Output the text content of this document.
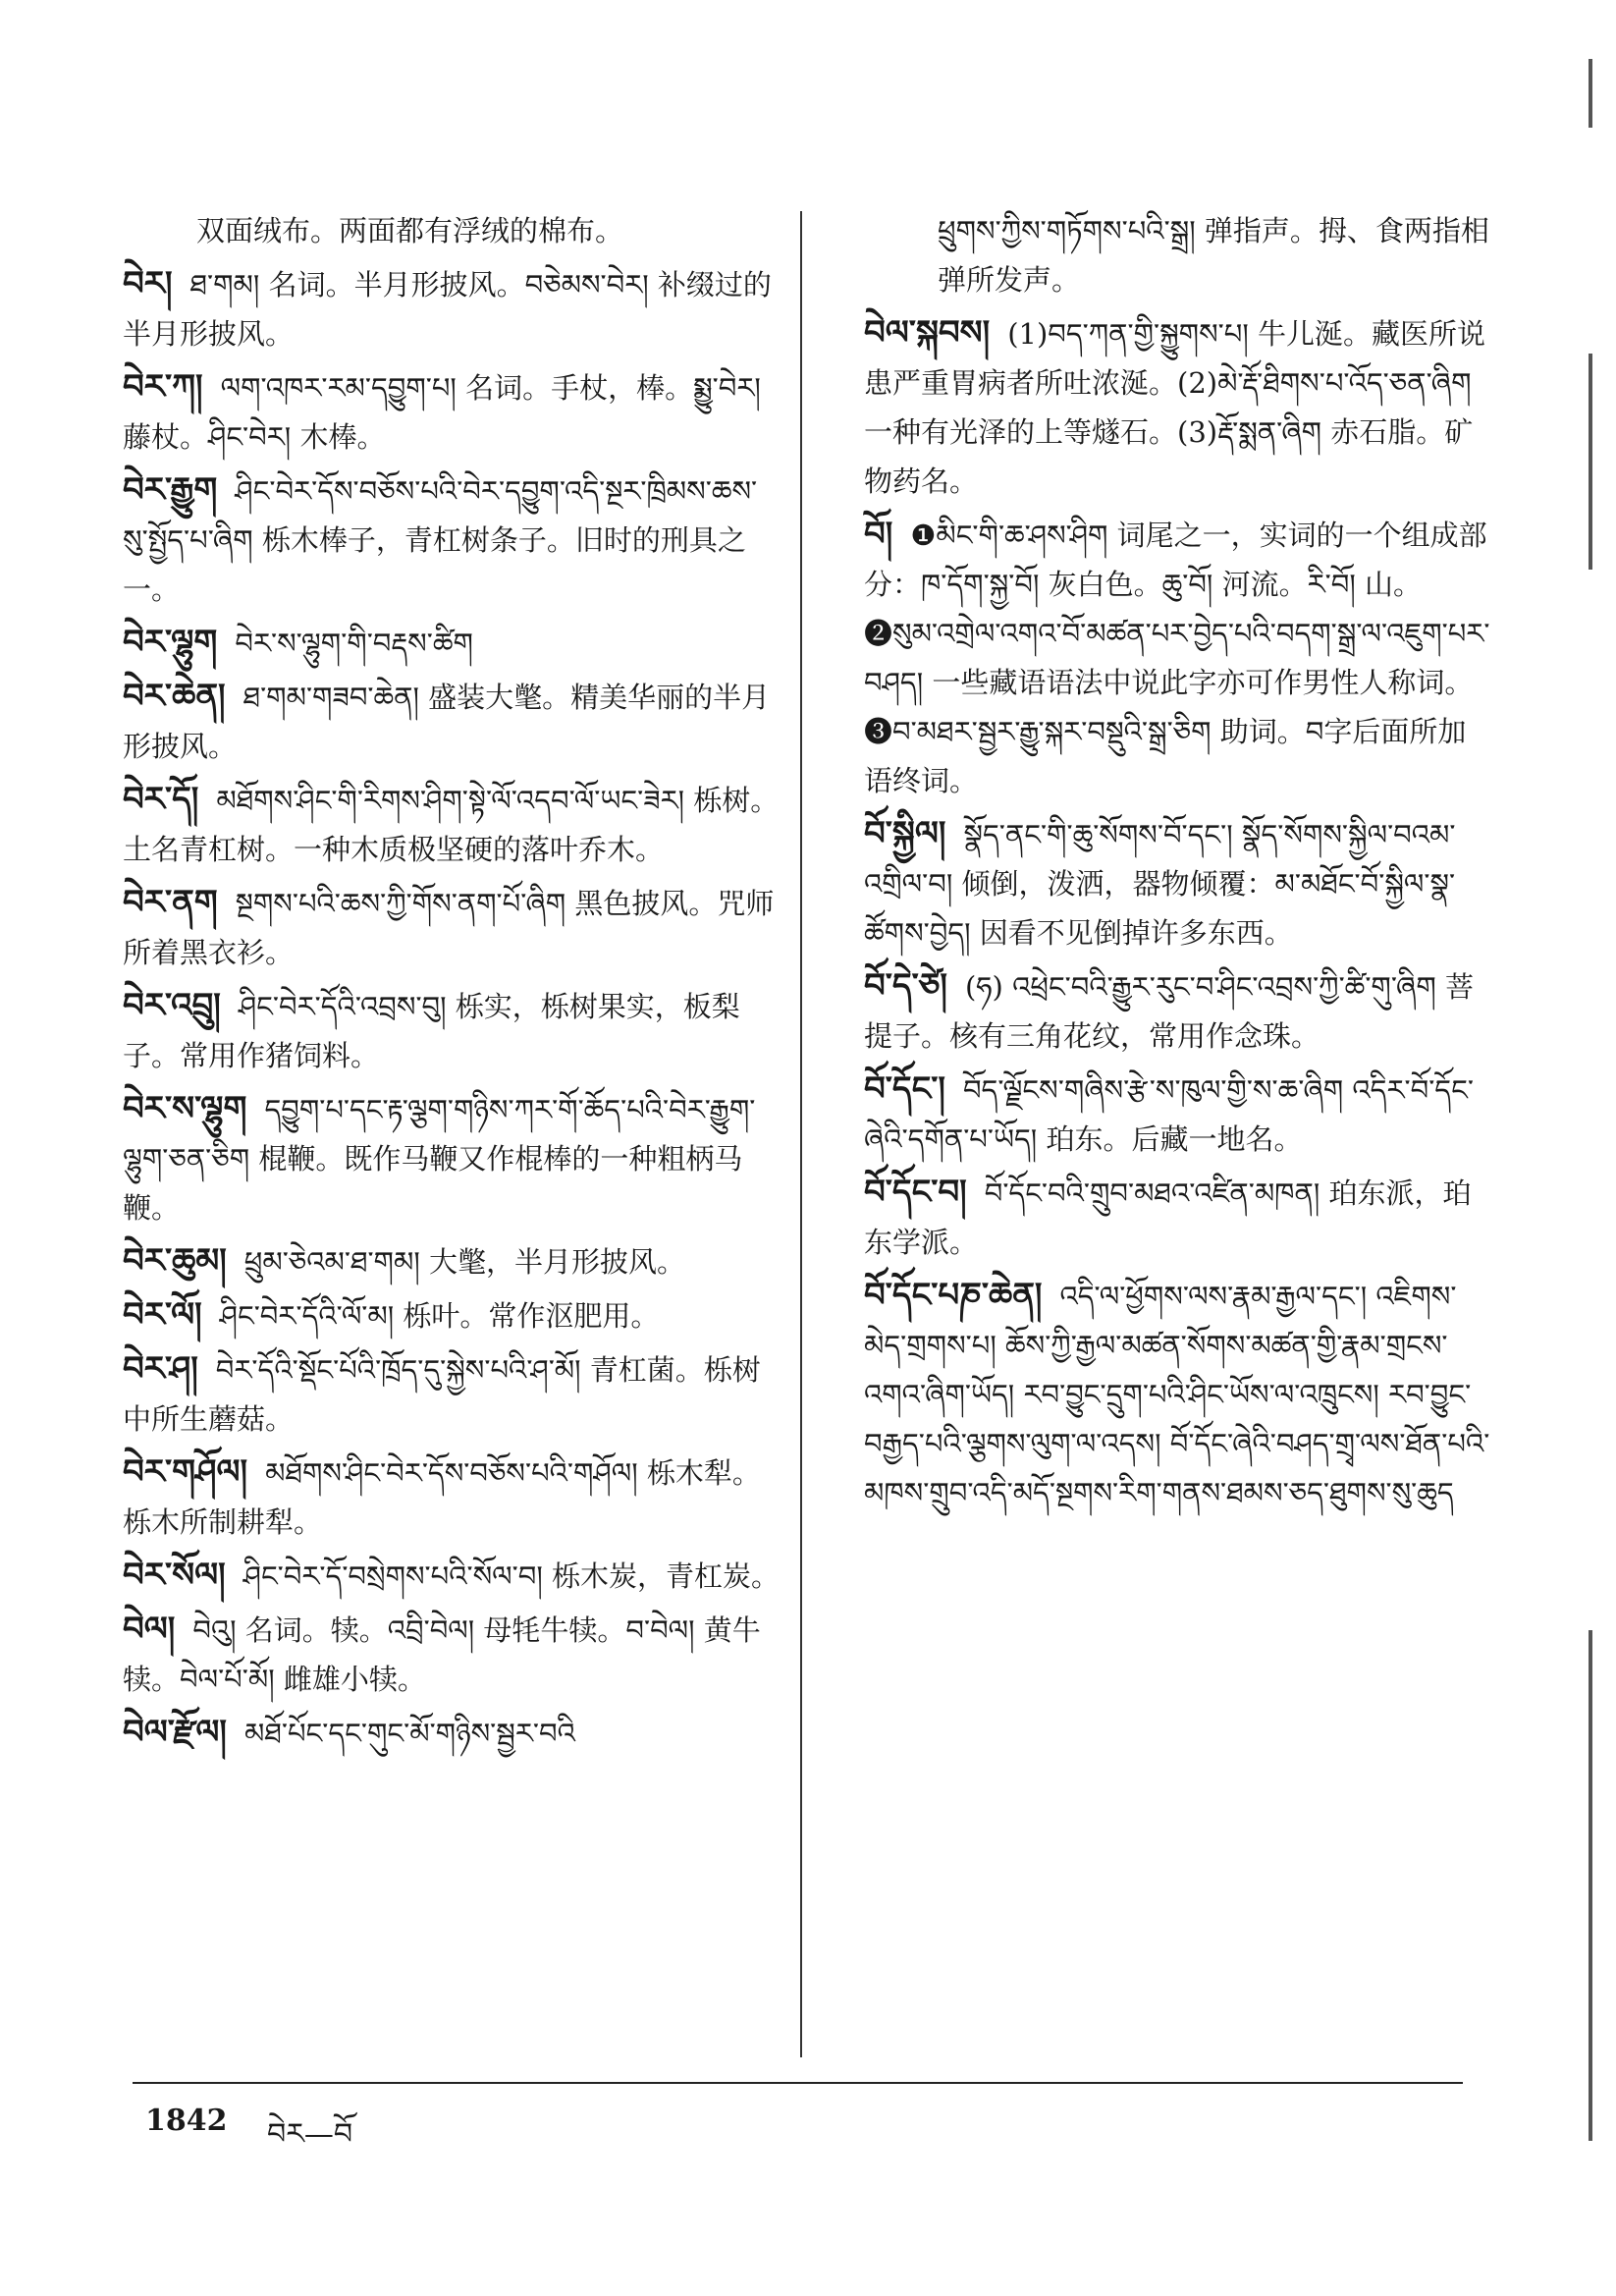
双面绒布。两面都有浮绒的棉布。
བེར། ཐ་གམ། 名词。半月形披风。བཅེམས་བེར། 补缀过的半月形披风。
བེར་ཀ། ལག་འཁར་རམ་དབྱུག་པ། 名词。手杖，棒。སྨྱུ་བེར། 藤杖。ཤིང་བེར། 木棒。
བེར་རྒྱུག ཤིང་བེར་དོས་བཅོས་པའི་བེར་དབྱུག་འདི་སྔར་ཁྲིམས་ཆས་སུ་སྤྱོད་པ་ཞིག 栎木棒子，青杠树条子。旧时的刑具之一。
བེར་ལྷུག བེར་ས་ལྷུག་གི་བརྡས་ཚིག
བེར་ཆེན། ཐ་གམ་གཟབ་ཆེན། 盛装大氅。精美华丽的半月形披风。
བེར་དོ། མཐོགས་ཤིང་གི་རིགས་ཤིག་སྟེ་ལོ་འདབ་ལོ་ཡང་ཟེར། 栎树。土名青杠树。一种木质极坚硬的落叶乔木。
བེར་ནག སྔགས་པའི་ཆས་ཀྱི་གོས་ནག་པོ་ཞིག 黑色披风。咒师所着黑衣衫。
བེར་འབྲུ། ཤིང་བེར་དོའི་འབྲས་བུ། 栎实，栎树果实，板梨子。常用作猪饲料。
བེར་ས་ལྷུག དབྱུག་པ་དང་རྟ་ལྕག་གཉིས་ཀར་གོ་ཆོད་པའི་བེར་རྒྱུག་ལྷུག་ཅན་ཅིག 棍鞭。既作马鞭又作棍棒的一种粗柄马鞭。
བེར་ཆུམ། ཕྲུམ་ཅེའམ་ཐ་གམ། 大氅，半月形披风。
བེར་ལོ། ཤིང་བེར་དོའི་ལོ་མ། 栎叶。常作沤肥用。
བེར་ཤ། བེར་དོའི་སྡོང་པོའི་ཁྲོད་དུ་སྐྱེས་པའི་ཤ་མོ། 青杠菌。栎树中所生蘑菇。
བེར་གཤོལ། མཐོགས་ཤིང་བེར་དོས་བཅོས་པའི་གཤོལ། 栎木犁。栎木所制耕犁。
བེར་སོལ། ཤིང་བེར་དོ་བསྲེགས་པའི་སོལ་བ། 栎木炭，青杠炭。
བེལ། བེའུ། 名词。犊。འབྲི་བེལ། 母牦牛犊。བ་བེལ། 黄牛犊。བེལ་པོ་མོ། 雌雄小犊。
བེལ་རྫོལ། མཐོ་པོང་དང་གུང་མོ་གཉིས་སྦྱར་བའི
ཕྲུགས་ཀྱིས་གཏོགས་པའི་སྒྲ། 弹指声。拇、食两指相弹所发声。
བེལ་སྐབས། (1)བད་ཀན་གྱི་སྐྱུགས་པ། 牛儿涎。藏医所说患严重胃病者所吐浓涎。(2)མེ་རྡོ་ཐིགས་པ་འོད་ཅན་ཞིག 一种有光泽的上等燧石。(3)རྡོ་སྨན་ཞིག 赤石脂。矿物药名。
བོ། ❶མིང་གི་ཆ་ཤས་ཤིག 词尾之一，实词的一个组成部分：ཁ་དོག་སྐྱ་བོ། 灰白色。ཆུ་བོ། 河流。རི་བོ། 山。❷སུམ་འགྲེལ་འགའ་བོ་མཚན་པར་བྱེད་པའི་བདག་སྒྲ་ལ་འཇུག་པར་བཤད། 一些藏语语法中说此字亦可作男性人称词。❸བ་མཐར་སྦྱར་རྒྱུ་སྐར་བསྡུའི་སྒྲ་ཅིག 助词。བ字后面所加语终词。
བོ་སྐྱིལ། སྣོད་ནང་གི་ཆུ་སོགས་བོ་དང་། སྣོད་སོགས་སྐྱིལ་བའམ་འགྲིལ་བ། 倾倒，泼洒，器物倾覆：མ་མཐོང་བོ་སྐྱིལ་སྣ་ཚོགས་བྱེད། 因看不见倒掉许多东西。
བོ་དེ་ཙེ། (ཧ) འཕྲེང་བའི་རྒྱུར་རུང་བ་ཤིང་འབྲས་ཀྱི་ཚི་གུ་ཞིག 菩提子。核有三角花纹，常用作念珠。
བོ་དོང་། བོད་ལྗོངས་གཞིས་རྩེ་ས་ཁུལ་གྱི་ས་ཆ་ཞིག འདིར་བོ་དོང་ཞེའི་དགོན་པ་ཡོད། 珀东。后藏一地名。
བོ་དོང་བ། བོ་དོང་བའི་གྲུབ་མཐའ་འཛིན་མཁན། 珀东派，珀东学派。
བོ་དོང་པཎ་ཆེན། འདི་ལ་ཕྱོགས་ལས་རྣམ་རྒྱལ་དང་། འཇིགས་མེད་གྲགས་པ། ཆོས་ཀྱི་རྒྱལ་མཚན་སོགས་མཚན་གྱི་རྣམ་གྲངས་འགའ་ཞིག་ཡོད། རབ་བྱུང་དྲུག་པའི་ཤིང་ཡོས་ལ་འཁྲུངས། རབ་བྱུང་བརྒྱད་པའི་ལྕགས་ལུག་ལ་འདས། བོ་དོང་ཞེའི་བཤད་གྲྭ་ལས་ཐོན་པའི་མཁས་གྲུབ་འདི་མདོ་སྔགས་རིག་གནས་ཐམས་ཅད་ཐུགས་སུ་ཆུད
1842 བེར—བོ
